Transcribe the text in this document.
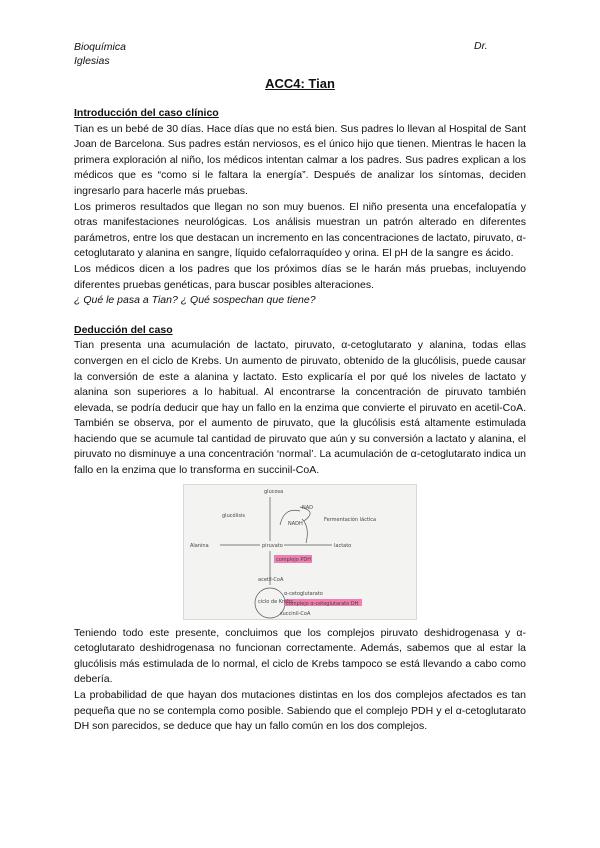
Bioquímica
Iglesias
Dr.
ACC4: Tian
Introducción del caso clínico

Tian es un bebé de 30 días. Hace días que no está bien. Sus padres lo llevan al Hospital de Sant Joan de Barcelona. Sus padres están nerviosos, es el único hijo que tienen. Mientras le hacen la primera exploración al niño, los médicos intentan calmar a los padres. Sus padres explican a los médicos que es “como si le faltara la energía”. Después de analizar los síntomas, deciden ingresarlo para hacerle más pruebas.

Los primeros resultados que llegan no son muy buenos. El niño presenta una encefalopatía y otras manifestaciones neurológicas. Los análisis muestran un patrón alterado en diferentes parámetros, entre los que destacan un incremento en las concentraciones de lactato, piruvato, α-cetoglutarato y alanina en sangre, líquido cefalorraquídeo y orina. El pH de la sangre es ácido.

Los médicos dicen a los padres que los próximos días se le harán más pruebas, incluyendo diferentes pruebas genéticas, para buscar posibles alteraciones.

¿ Qué le pasa a Tian? ¿ Qué sospechan que tiene?

Deducción del caso

Tian presenta una acumulación de lactato, piruvato, α-cetoglutarato y alanina, todas ellas convergen en el ciclo de Krebs. Un aumento de piruvato, obtenido de la glucólisis, puede causar la conversión de este a alanina y lactato. Esto explicaría el por qué los niveles de lactato y alanina son superiores a lo habitual. Al encontrarse la concentración de piruvato también elevada, se podría deducir que hay un fallo en la enzima que convierte el piruvato en acetil-CoA. También se observa, por el aumento de piruvato, que la glucólisis está altamente estimulada haciendo que se acumule tal cantidad de piruvato que aún y su conversión a lactato y alanina, el piruvato no disminuye a una concentración ‘normal’. La acumulación de α-cetoglutarato indica un fallo en la enzima que lo transforma en succinil-CoA.

glucosa
glucólisis
NAD
NADH
Fermentación láctica
Alanina	piruvato	lactato
complejo PDH
acetil-CoA
ciclo de Krebs
α-cetoglutarato
complejo α-cetoglutarato DH
succinil-CoA

Teniendo todo este presente, concluimos que los complejos piruvato deshidrogenasa y α-cetoglutarato deshidrogenasa no funcionan correctamente. Además, sabemos que al estar la glucólisis más estimulada de lo normal, el ciclo de Krebs tampoco se está llevando a cabo como debería.

La probabilidad de que hayan dos mutaciones distintas en los dos complejos afectados es tan pequeña que no se contempla como posible. Sabiendo que el complejo PDH y el α-cetoglutarato DH son parecidos, se deduce que hay un fallo común en los dos complejos.
